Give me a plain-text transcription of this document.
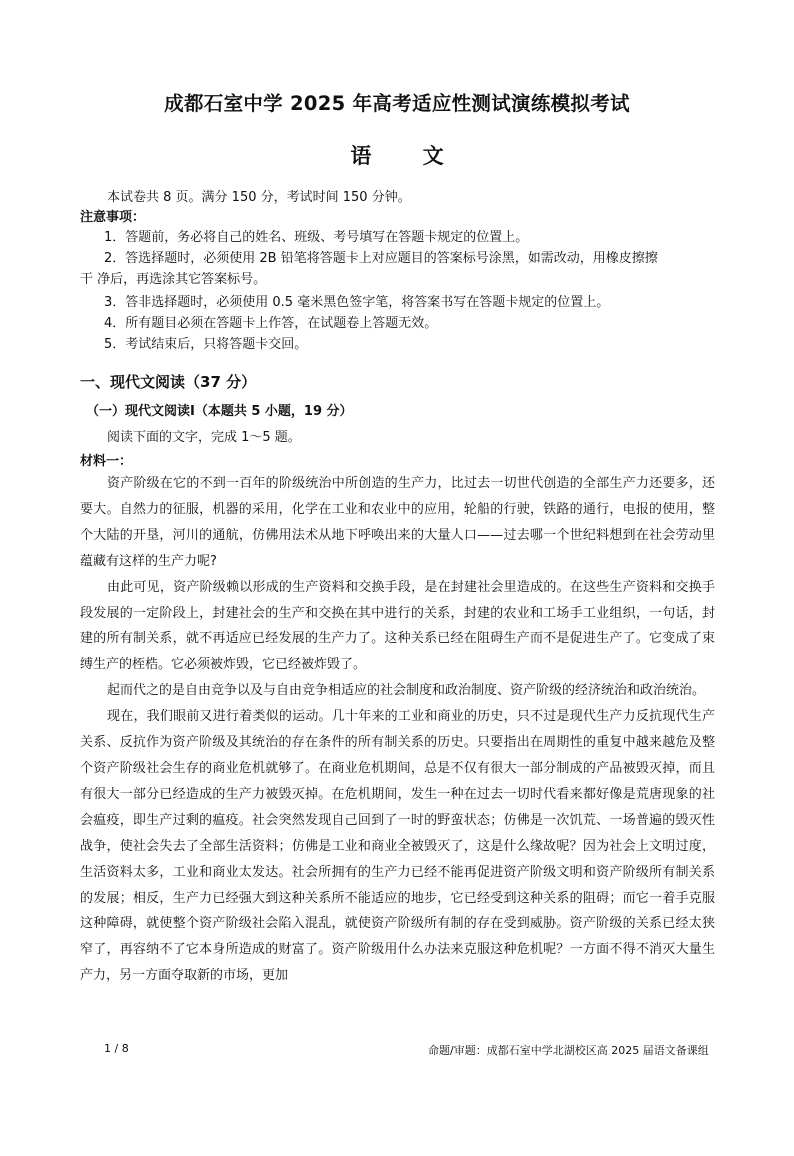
成都石室中学 2025 年高考适应性测试演练模拟考试
语 文
本试卷共 8 页。满分 150 分，考试时间 150 分钟。
注意事项：
1．答题前，务必将自己的姓名、班级、考号填写在答题卡规定的位置上。
2．答选择题时，必须使用 2B 铅笔将答题卡上对应题目的答案标号涂黑，如需改动，用橡皮擦擦
干 净后，再选涂其它答案标号。
3．答非选择题时，必须使用 0.5 毫米黑色签字笔，将答案书写在答题卡规定的位置上。
4．所有题目必须在答题卡上作答，在试题卷上答题无效。
5．考试结束后，只将答题卡交回。
一、现代文阅读（37 分）
（一）现代文阅读Ⅰ（本题共 5 小题，19 分）
阅读下面的文字，完成 1～5 题。
材料一：

资产阶级在它的不到一百年的阶级统治中所创造的生产力，比过去一切世代创造的全部生产力还要多，还要大。自然力的征服，机器的采用，化学在工业和农业中的应用，轮船的行驶，铁路的通行，电报的使用，整个大陆的开垦，河川的通航，仿佛用法术从地下呼唤出来的大量人口——过去哪一个世纪料想到在社会劳动里蕴藏有这样的生产力呢?

由此可见，资产阶级赖以形成的生产资料和交换手段，是在封建社会里造成的。在这些生产资料和交换手段发展的一定阶段上，封建社会的生产和交换在其中进行的关系，封建的农业和工场手工业组织，一句话，封建的所有制关系，就不再适应已经发展的生产力了。这种关系已经在阻碍生产而不是促进生产了。它变成了束缚生产的桎梏。它必须被炸毁，它已经被炸毁了。

起而代之的是自由竞争以及与自由竞争相适应的社会制度和政治制度、资产阶级的经济统治和政治统治。

现在，我们眼前又进行着类似的运动。几十年来的工业和商业的历史，只不过是现代生产力反抗现代生产关系、反抗作为资产阶级及其统治的存在条件的所有制关系的历史。只要指出在周期性的重复中越来越危及整个资产阶级社会生存的商业危机就够了。在商业危机期间，总是不仅有很大一部分制成的产品被毁灭掉，而且有很大一部分已经造成的生产力被毁灭掉。在危机期间，发生一种在过去一切时代看来都好像是荒唐现象的社会瘟疫，即生产过剩的瘟疫。社会突然发现自己回到了一时的野蛮状态；仿佛是一次饥荒、一场普遍的毁灭性战争，使社会失去了全部生活资料；仿佛是工业和商业全被毁灭了，这是什么缘故呢？因为社会上文明过度，生活资料太多，工业和商业太发达。社会所拥有的生产力已经不能再促进资产阶级文明和资产阶级所有制关系的发展；相反，生产力已经强大到这种关系所不能适应的地步，它已经受到这种关系的阻碍；而它一着手克服这种障碍，就使整个资产阶级社会陷入混乱，就使资产阶级所有制的存在受到威胁。资产阶级的关系已经太狭窄了，再容纳不了它本身所造成的财富了。资产阶级用什么办法来克服这种危机呢？一方面不得不消灭大量生产力，另一方面夺取新的市场，更加

1 / 8	命题/审题：成都石室中学北湖校区高 2025 届语文备课组
